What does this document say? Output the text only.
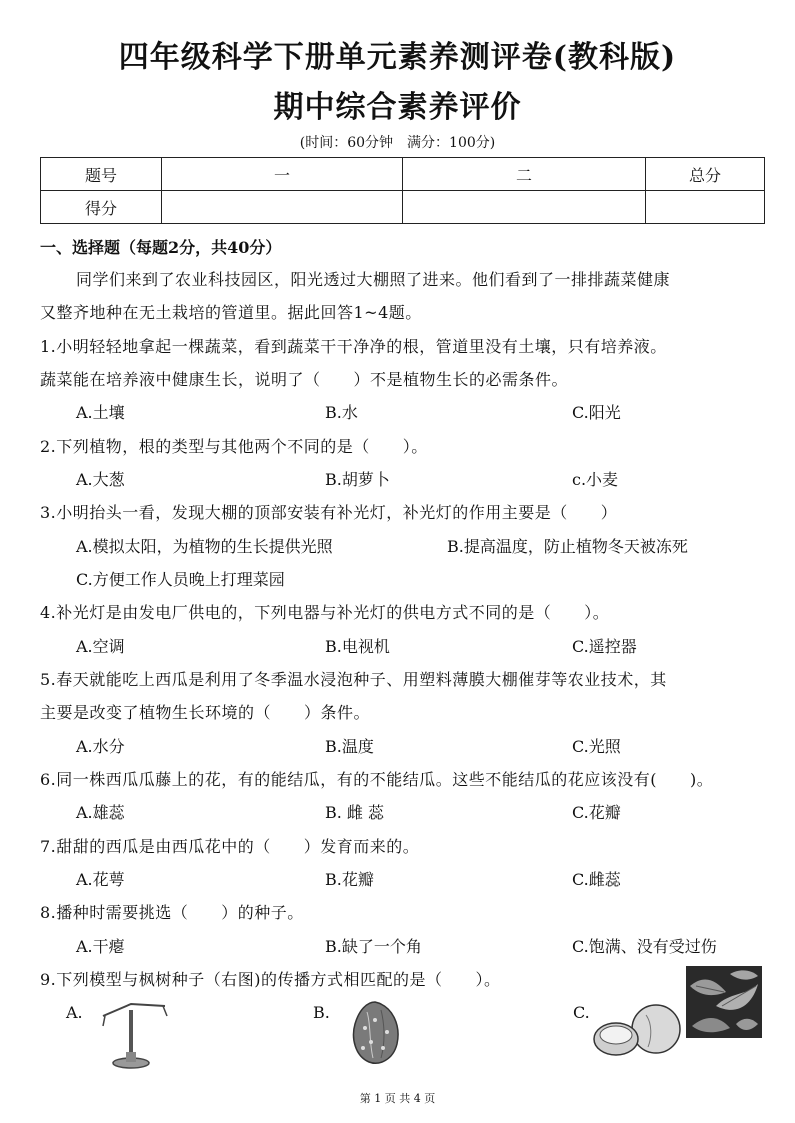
四年级科学下册单元素养测评卷(教科版)
期中综合素养评价
(时间：60分钟　满分：100分)
题号	一	二	总分
得分			
一、选择题（每题2分，共40分）
同学们来到了农业科技园区，阳光透过大棚照了进来。他们看到了一排排蔬菜健康
又整齐地种在无土栽培的管道里。据此回答1~4题。
1.小明轻轻地拿起一棵蔬菜，看到蔬菜干干净净的根，管道里没有土壤，只有培养液。
蔬菜能在培养液中健康生长，说明了（　　）不是植物生长的必需条件。
A.土壤	B.水	C.阳光
2.下列植物，根的类型与其他两个不同的是（　　）。
A.大葱	B.胡萝卜	c.小麦
3.小明抬头一看，发现大棚的顶部安装有补光灯，补光灯的作用主要是（　　）
A.模拟太阳，为植物的生长提供光照	B.提高温度，防止植物冬天被冻死
C.方便工作人员晚上打理菜园
4.补光灯是由发电厂供电的，下列电器与补光灯的供电方式不同的是（　　）。
A.空调	B.电视机	C.遥控器
5.春天就能吃上西瓜是利用了冬季温水浸泡种子、用塑料薄膜大棚催芽等农业技术，其
主要是改变了植物生长环境的（　　）条件。
A.水分	B.温度	C.光照
6.同一株西瓜瓜藤上的花，有的能结瓜，有的不能结瓜。这些不能结瓜的花应该没有(　　)。
A.雄蕊	B. 雌 蕊	C.花瓣
7.甜甜的西瓜是由西瓜花中的（　　）发育而来的。
A.花萼	B.花瓣	C.雌蕊
8.播种时需要挑选（　　）的种子。
A.干瘪	B.缺了一个角	C.饱满、没有受过伤
9.下列模型与枫树种子（右图)的传播方式相匹配的是（　　）。
A.	B.	C.
第 1 页 共 4 页
